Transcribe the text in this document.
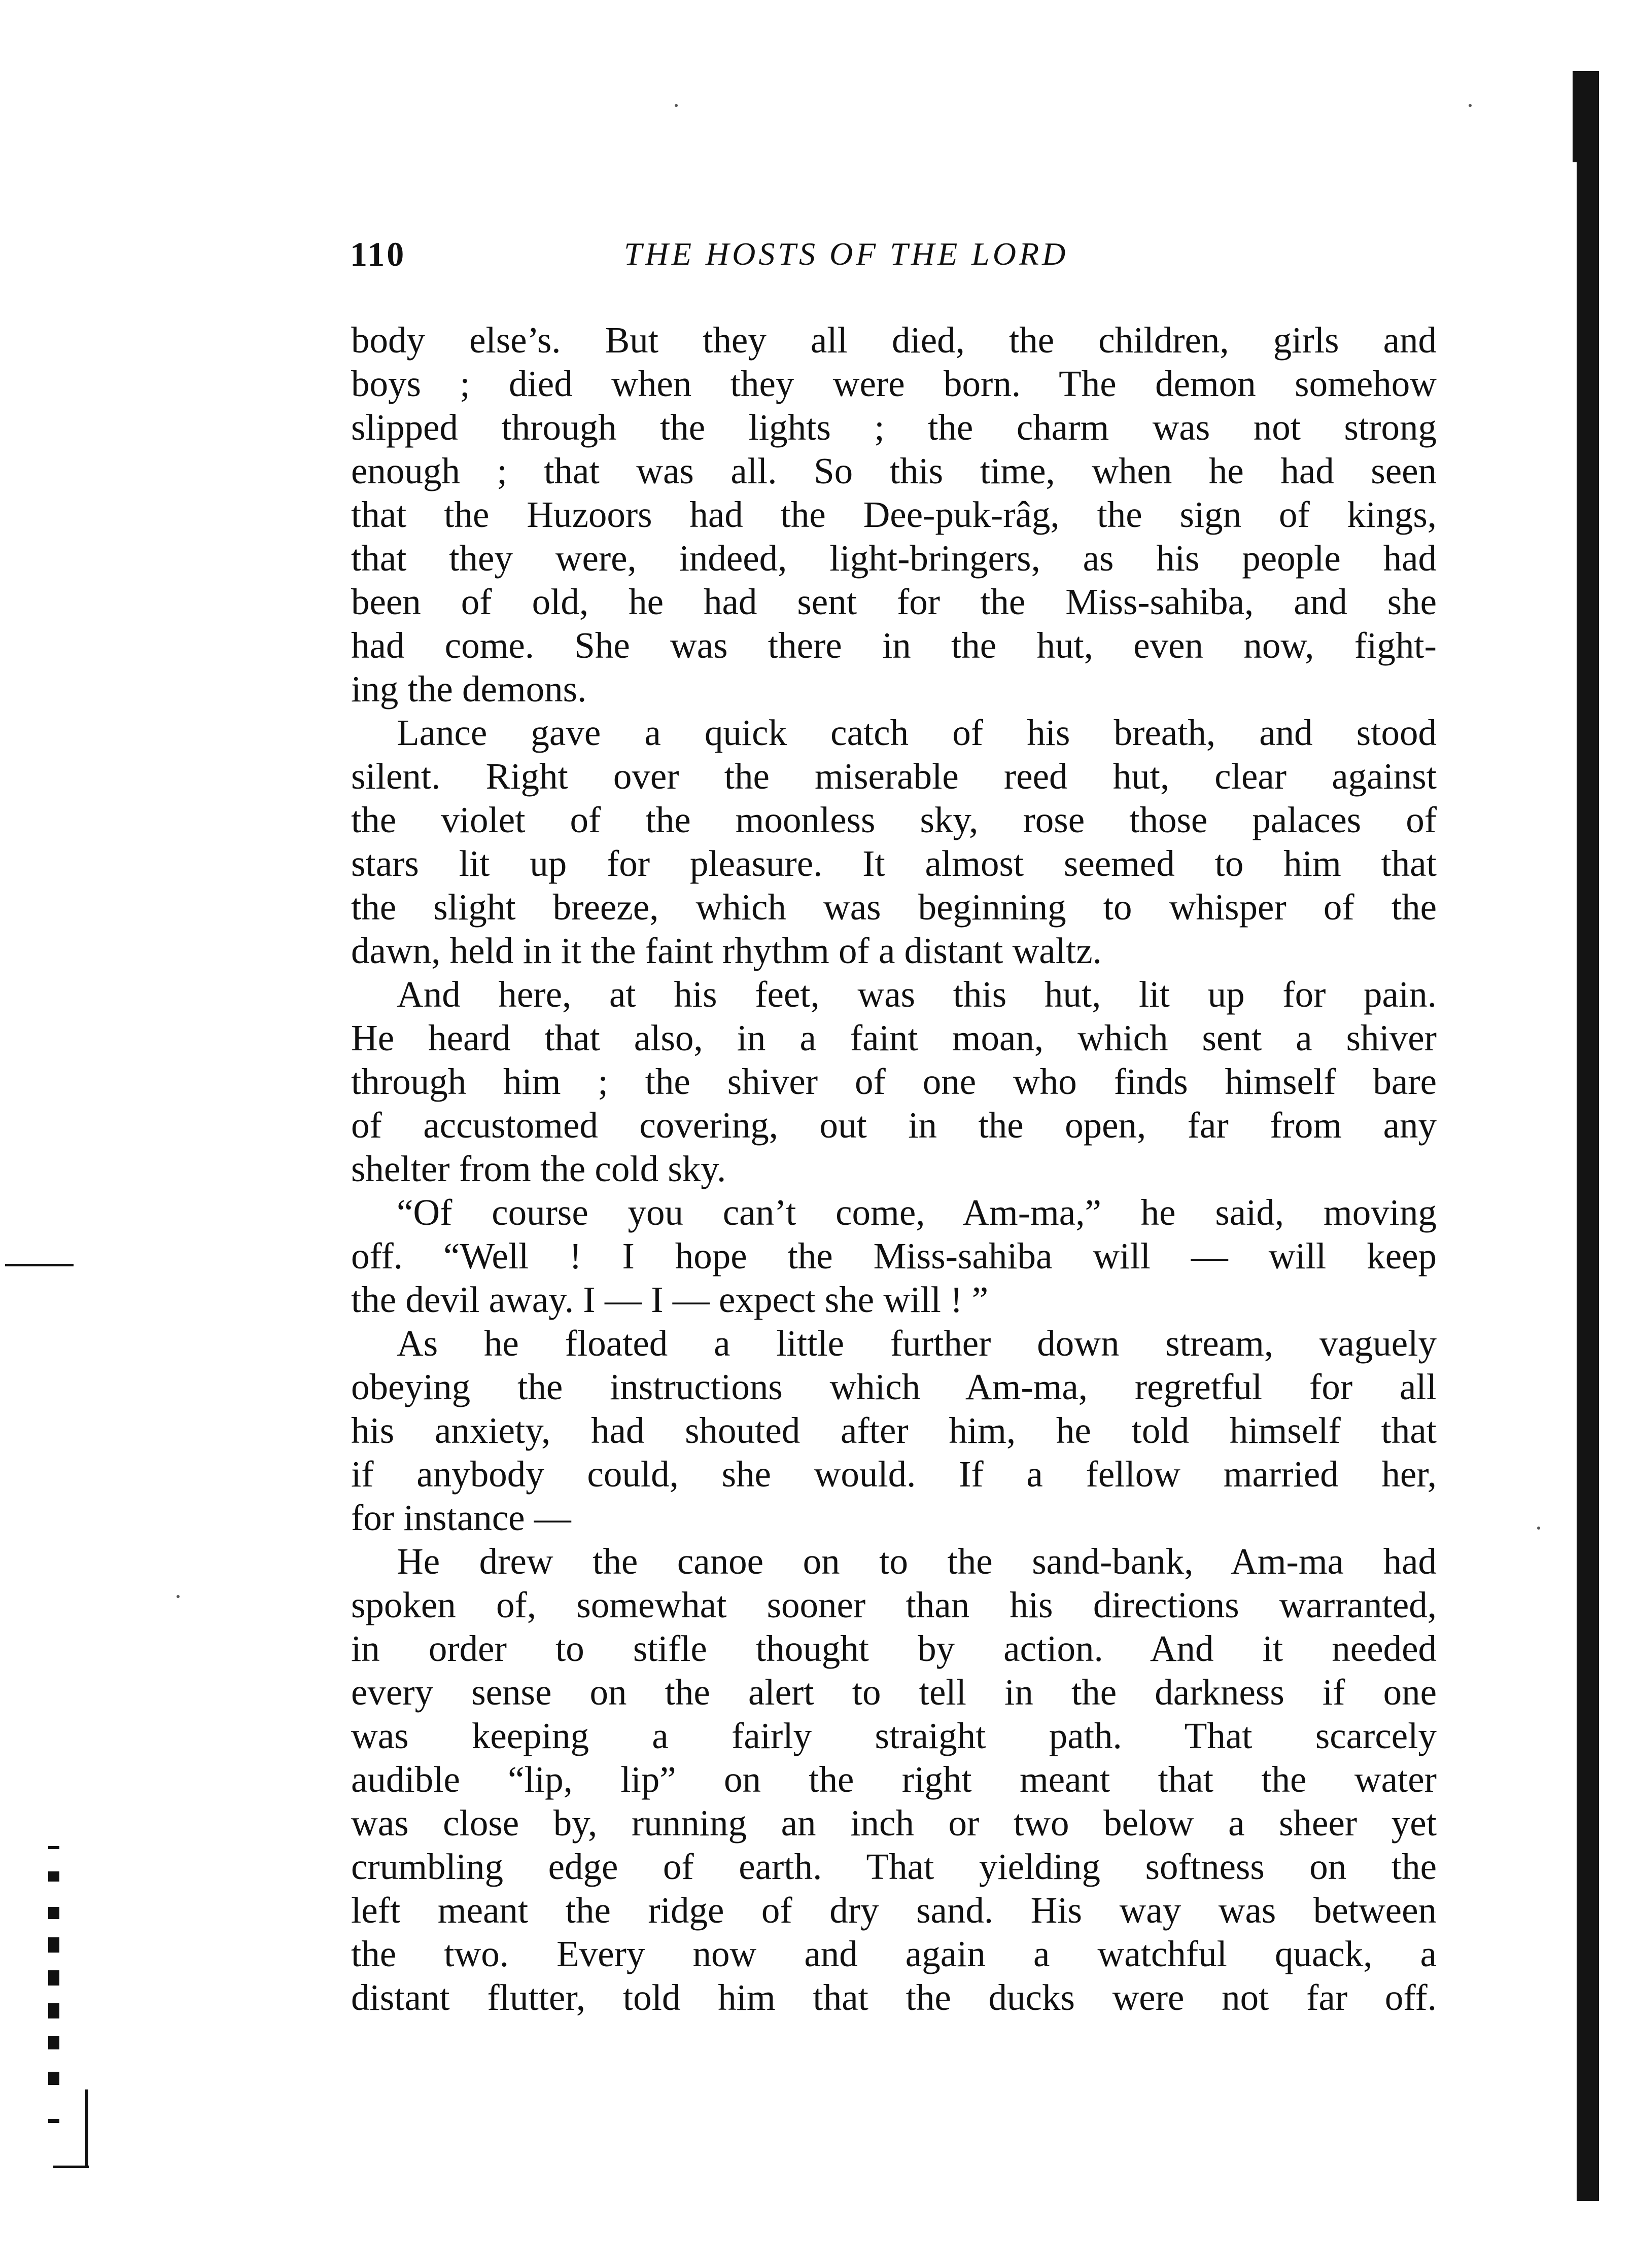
110	THE HOSTS OF THE LORD
body else’s. But they all died, the children, girls and
boys ; died when they were born. The demon somehow
slipped through the lights ; the charm was not strong
enough ; that was all. So this time, when he had seen
that the Huzoors had the Dee-puk-râg, the sign of kings,
that they were, indeed, light-bringers, as his people had
been of old, he had sent for the Miss-sahiba, and she
had come. She was there in the hut, even now, fight-
ing the demons.
Lance gave a quick catch of his breath, and stood
silent. Right over the miserable reed hut, clear against
the violet of the moonless sky, rose those palaces of
stars lit up for pleasure. It almost seemed to him that
the slight breeze, which was beginning to whisper of the
dawn, held in it the faint rhythm of a distant waltz.
And here, at his feet, was this hut, lit up for pain.
He heard that also, in a faint moan, which sent a shiver
through him ; the shiver of one who finds himself bare
of accustomed covering, out in the open, far from any
shelter from the cold sky.
“Of course you can’t come, Am-ma,” he said, moving
off. “Well ! I hope the Miss-sahiba will — will keep
the devil away. I — I — expect she will ! ”
As he floated a little further down stream, vaguely
obeying the instructions which Am-ma, regretful for all
his anxiety, had shouted after him, he told himself that
if anybody could, she would. If a fellow married her,
for instance —
He drew the canoe on to the sand-bank, Am-ma had
spoken of, somewhat sooner than his directions warranted,
in order to stifle thought by action. And it needed
every sense on the alert to tell in the darkness if one
was keeping a fairly straight path. That scarcely
audible “lip, lip” on the right meant that the water
was close by, running an inch or two below a sheer yet
crumbling edge of earth. That yielding softness on the
left meant the ridge of dry sand. His way was between
the two. Every now and again a watchful quack, a
distant flutter, told him that the ducks were not far off.
